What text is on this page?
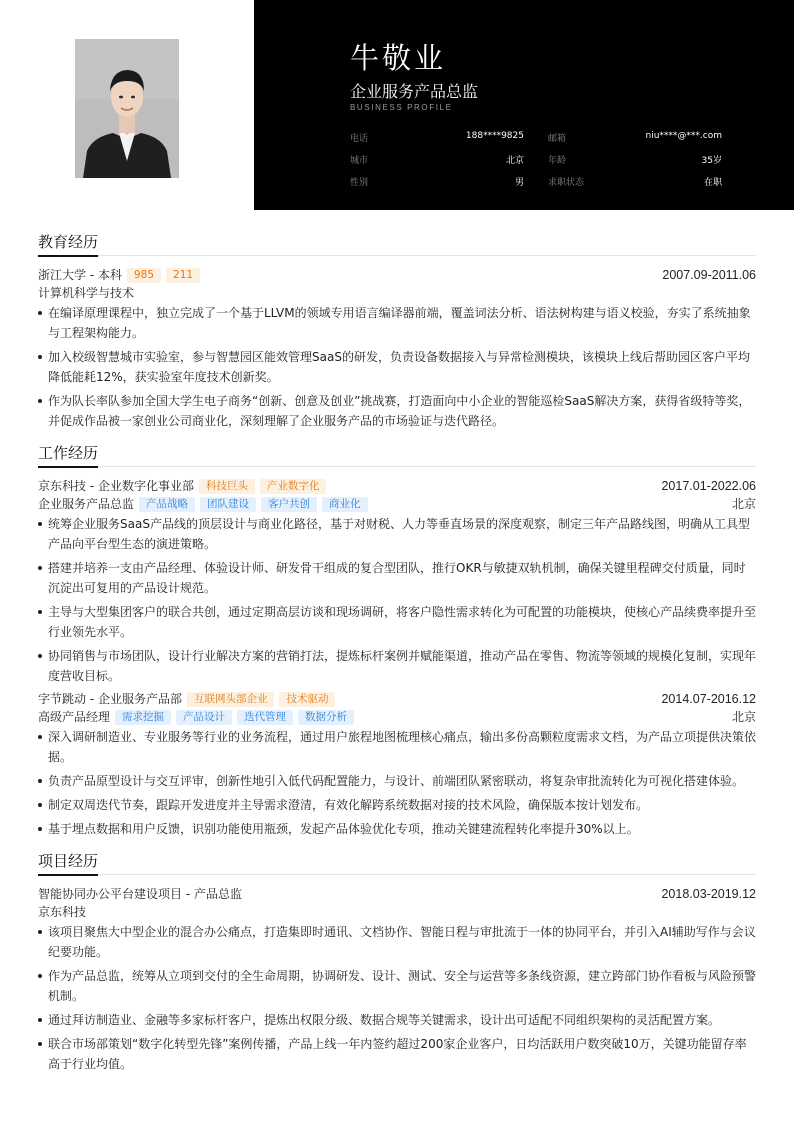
牛敬业
企业服务产品总监
BUSINESS PROFILE
电话	188****9825	邮箱	niu****@***.com
城市	北京	年龄	35岁
性别	男	求职状态	在职
教育经历
浙江大学 - 本科	985	211	2007.09-2011.06
计算机科学与技术
在编译原理课程中，独立完成了一个基于LLVM的领域专用语言编译器前端，覆盖词法分析、语法树构建与语义校验，夯实了系统抽象与工程架构能力。
加入校级智慧城市实验室，参与智慧园区能效管理SaaS的研发，负责设备数据接入与异常检测模块，该模块上线后帮助园区客户平均降低能耗12%，获实验室年度技术创新奖。
作为队长率队参加全国大学生电子商务“创新、创意及创业”挑战赛，打造面向中小企业的智能巡检SaaS解决方案，获得省级特等奖，并促成作品被一家创业公司商业化，深刻理解了企业服务产品的市场验证与迭代路径。
工作经历
京东科技 - 企业数字化事业部	科技巨头	产业数字化	2017.01-2022.06
企业服务产品总监	产品战略	团队建设	客户共创	商业化	北京
统筹企业服务SaaS产品线的顶层设计与商业化路径，基于对财税、人力等垂直场景的深度观察，制定三年产品路线图，明确从工具型产品向平台型生态的演进策略。
搭建并培养一支由产品经理、体验设计师、研发骨干组成的复合型团队，推行OKR与敏捷双轨机制，确保关键里程碑交付质量，同时沉淀出可复用的产品设计规范。
主导与大型集团客户的联合共创，通过定期高层访谈和现场调研，将客户隐性需求转化为可配置的功能模块，使核心产品续费率提升至行业领先水平。
协同销售与市场团队，设计行业解决方案的营销打法，提炼标杆案例并赋能渠道，推动产品在零售、物流等领域的规模化复制，实现年度营收目标。
字节跳动 - 企业服务产品部	互联网头部企业	技术驱动	2014.07-2016.12
高级产品经理	需求挖掘	产品设计	迭代管理	数据分析	北京
深入调研制造业、专业服务等行业的业务流程，通过用户旅程地图梳理核心痛点，输出多份高颗粒度需求文档，为产品立项提供决策依据。
负责产品原型设计与交互评审，创新性地引入低代码配置能力，与设计、前端团队紧密联动，将复杂审批流转化为可视化搭建体验。
制定双周迭代节奏，跟踪开发进度并主导需求澄清，有效化解跨系统数据对接的技术风险，确保版本按计划发布。
基于埋点数据和用户反馈，识别功能使用瓶颈，发起产品体验优化专项，推动关键建流程转化率提升30%以上。
项目经历
智能协同办公平台建设项目 - 产品总监	2018.03-2019.12
京东科技
该项目聚焦大中型企业的混合办公痛点，打造集即时通讯、文档协作、智能日程与审批流于一体的协同平台，并引入AI辅助写作与会议纪要功能。
作为产品总监，统筹从立项到交付的全生命周期，协调研发、设计、测试、安全与运营等多条线资源，建立跨部门协作看板与风险预警机制。
通过拜访制造业、金融等多家标杆客户，提炼出权限分级、数据合规等关键需求，设计出可适配不同组织架构的灵活配置方案。
联合市场部策划“数字化转型先锋”案例传播，产品上线一年内签约超过200家企业客户，日均活跃用户数突破10万，关键功能留存率高于行业均值。
